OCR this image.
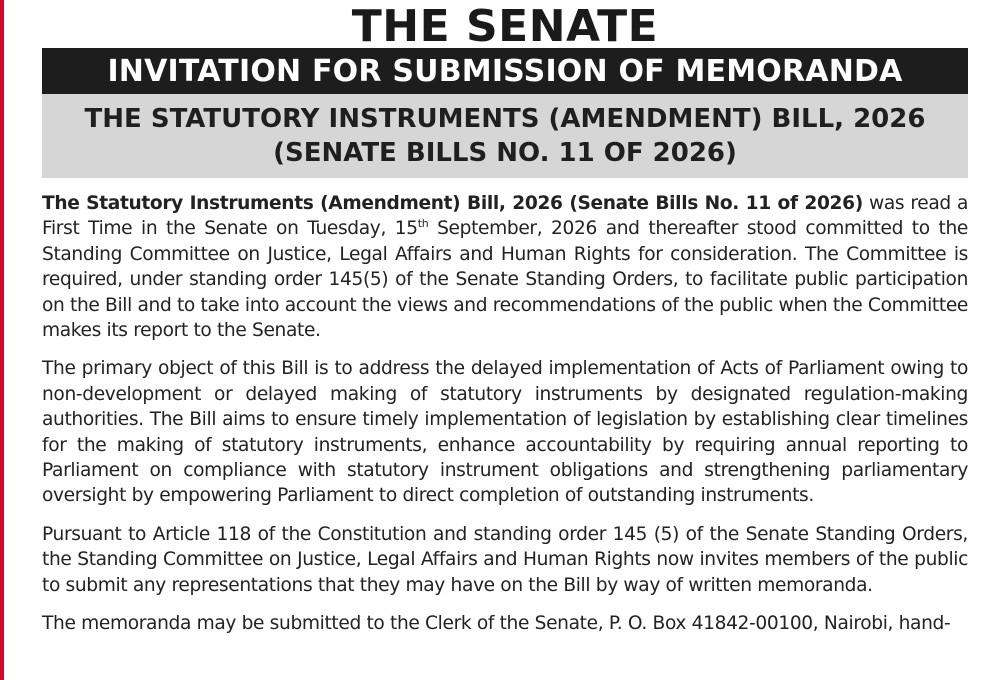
THE SENATE
INVITATION FOR SUBMISSION OF MEMORANDA
THE STATUTORY INSTRUMENTS (AMENDMENT) BILL, 2026
(SENATE BILLS NO. 11 OF 2026)

The Statutory Instruments (Amendment) Bill, 2026 (Senate Bills No. 11 of 2026) was read a First Time in the Senate on Tuesday, 15th September, 2026 and thereafter stood committed to the Standing Committee on Justice, Legal Affairs and Human Rights for consideration. The Committee is required, under standing order 145(5) of the Senate Standing Orders, to facilitate public participation on the Bill and to take into account the views and recommendations of the public when the Committee makes its report to the Senate.

The primary object of this Bill is to address the delayed implementation of Acts of Parliament owing to non-development or delayed making of statutory instruments by designated regulation-making authorities. The Bill aims to ensure timely implementation of legislation by establishing clear timelines for the making of statutory instruments, enhance accountability by requiring annual reporting to Parliament on compliance with statutory instrument obligations and strengthening parliamentary oversight by empowering Parliament to direct completion of outstanding instruments.

Pursuant to Article 118 of the Constitution and standing order 145 (5) of the Senate Standing Orders, the Standing Committee on Justice, Legal Affairs and Human Rights now invites members of the public to submit any representations that they may have on the Bill by way of written memoranda.

The memoranda may be submitted to the Clerk of the Senate, P. O. Box 41842-00100, Nairobi, hand-
